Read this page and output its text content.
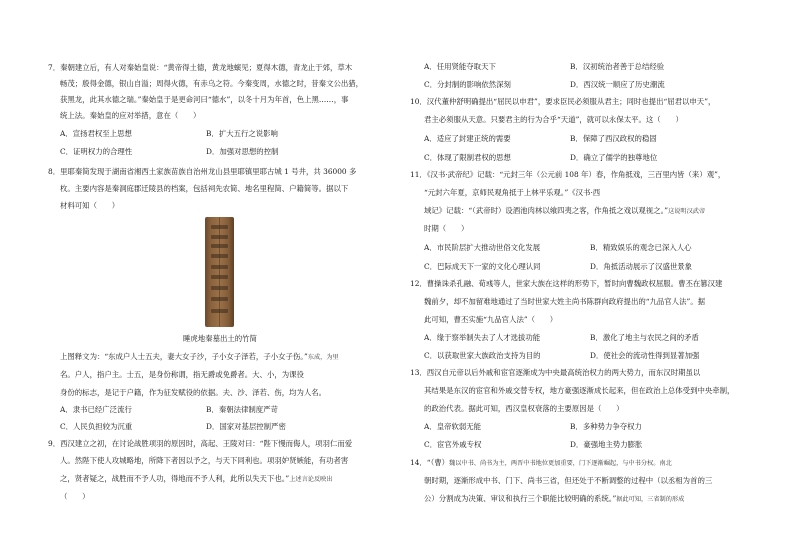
7．秦朝建立后，有人对秦始皇说：“黄帝得土德，黄龙地螾见；夏得木德，青龙止于郊，草木
畅茂；殷得金德，银山自溢；周得火德，有赤乌之符。今秦变周，水德之时，昔秦文公出猎，
获黑龙，此其水德之瑞。”秦始皇于是更命河曰“德水”，以冬十月为年首，色上黑……，事
统上法。秦始皇的应对举措，意在（　　）
A．宣扬君权至上思想	B．扩大五行之说影响
C．证明权力的合理性	D．加强对思想的控制
8．里耶秦简发现于湖南省湘西土家族苗族自治州龙山县里耶镇里耶古城 1 号井，共 36000 多
枚。主要内容是秦洞庭郡迁陵县的档案，包括祠先农简、地名里程简、户籍简等。据以下
材料可知（　　）
睡虎地秦墓出土的竹简
上图释文为：“东成户人士五夫，妻大女子沙，子小女子泽若，子小女子伤。”东成，为里
名。户人，指户主。士五，是身份称谓，指无爵或免爵者。大、小，为课役
身份的标志，是记于户籍，作为征发赋役的依据。夫、沙、泽若、伤，均为人名。
A．隶书已经广泛流行	B．秦朝法律制度严苛
C．人民负担较为沉重	D．国家对基层控制严密
9．西汉建立之初，在讨论战胜项羽的原因时，高起、王陵对曰：“陛下慢而侮人，项羽仁而爱
人。然陛下使人攻城略地，所降下者因以予之，与天下同利也。项羽妒贤嫉能，有功者害
之，贤者疑之，战胜而不予人功，得地而不予人利，此所以失天下也。”上述言论反映出
（　　）
A．任用贤能夺取天下	B．汉初统治者善于总结经验
C．分封制的影响依然深刻	D．西汉统一顺应了历史潮流
10．汉代董仲舒明确提出“屈民以申君”，要求臣民必须服从君主；同时也提出“屈君以申天”，
君主必须服从天意。只要君主的行为合乎“天道”，就可以永保太平。这（　　）
A．适应了封建正统的需要	B．保障了西汉政权的稳固
C．体现了限制君权的思想	D．确立了儒学的独尊地位
11．《汉书·武帝纪》记载：“元封三年（公元前 108 年）春，作角抵戏，三百里内皆（来）观”，
“元封六年夏，京师民观角抵于上林平乐观。”《汉书·西
域记》记载：“（武帝时）设酒池肉林以飨四夷之客，作角抵之戏以观视之。”这说明汉武帝
时期（　　）
A．市民阶层扩大推动世俗文化发展	B．精致娱乐的观念已深入人心
C．巴际成天下一家的文化心理认同	D．角抵活动展示了汉盛世景象
12．曹操诛杀孔融、荀彧等人，世家大族在这样的形势下，暂时向曹魏政权屈服。曹丕在篡汉建
魏前夕，却不加留难地通过了当时世家大姓主尚书陈群向政府提出的“九品官人法”。据
此可知，曹丕实施“九品官人法”（　　）
A．缘于察举制失去了人才选拔功能	B．激化了地主与农民之间的矛盾
C．以获取世家大族政治支持为目的	D．使社会的流动性得到显著加强
13．西汉自元帝以后外戚和宦官逐渐成为中央最高统治权力的两大势力，而东汉时期虽以
其结果是东汉的宦官和外戚交替专权，地方豪强逐渐成长起来，但在政治上总体受到中央牵制，
的政治代表。据此可知，西汉皇权衰落的主要原因是（　　）
A．皇帝软弱无能	B．多种势力争夺权力
C．宦官外戚专权	D．豪强地主势力膨胀
14．“（曹）魏以中书、尚书为主，两晋中书地位更加重要，门下逐渐崛起，与中书分权。南北
朝时期，逐渐形成中书、门下、尚书三省，但还处于不断调整的过程中（以丞相为首的三
公）分割成为决策、审议和执行三个职能比较明确的系统。”据此可知，三省制的形成
